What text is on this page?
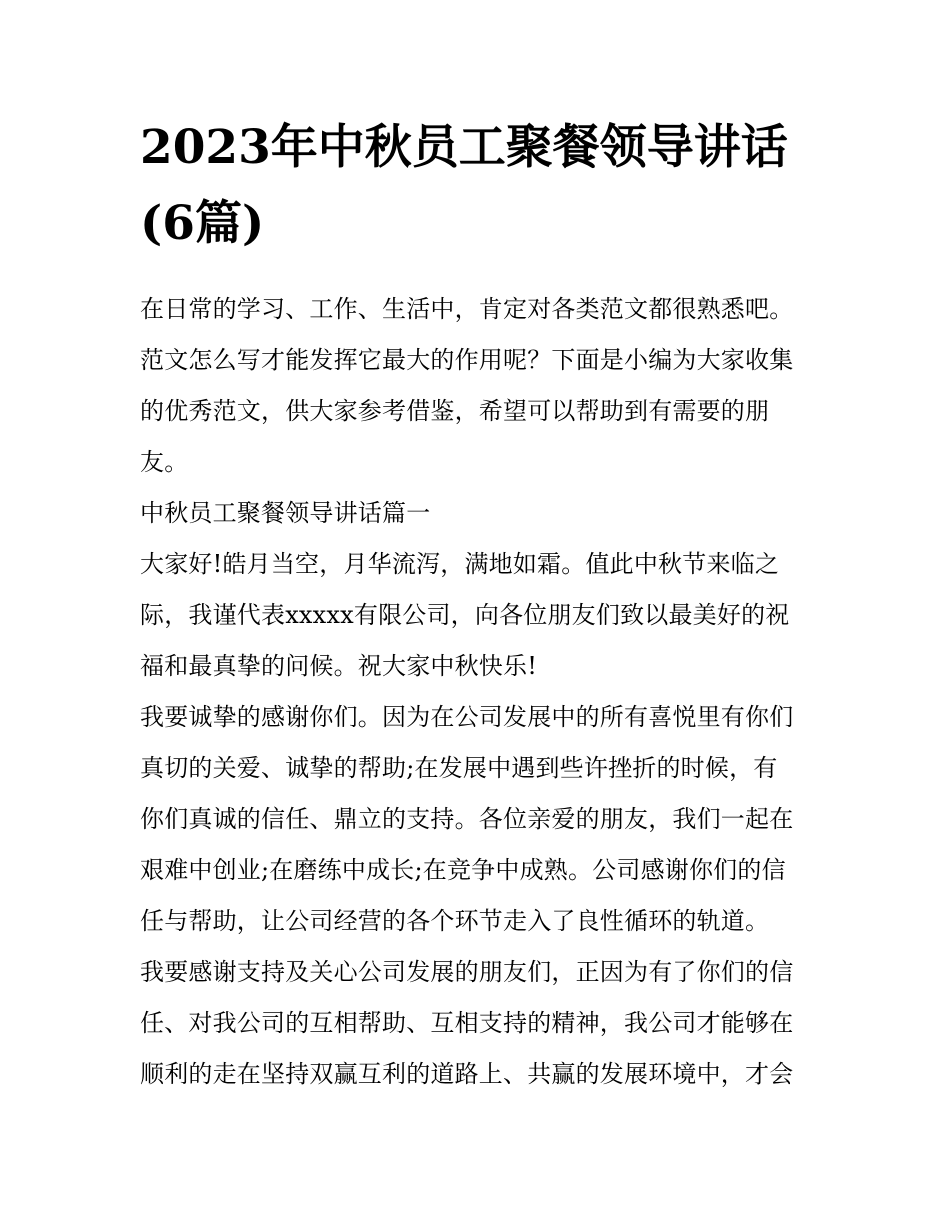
2023年中秋员工聚餐领导讲话
(6篇)

在日常的学习、工作、生活中，肯定对各类范文都很熟悉吧。
范文怎么写才能发挥它最大的作用呢？下面是小编为大家收集
的优秀范文，供大家参考借鉴，希望可以帮助到有需要的朋
友。

中秋员工聚餐领导讲话篇一

大家好!皓月当空，月华流泻，满地如霜。值此中秋节来临之
际，我谨代表xxxxx有限公司，向各位朋友们致以最美好的祝
福和最真挚的问候。祝大家中秋快乐!

我要诚挚的感谢你们。因为在公司发展中的所有喜悦里有你们
真切的关爱、诚挚的帮助;在发展中遇到些许挫折的时候，有
你们真诚的信任、鼎立的支持。各位亲爱的朋友，我们一起在
艰难中创业;在磨练中成长;在竞争中成熟。公司感谢你们的信
任与帮助，让公司经营的各个环节走入了良性循环的轨道。

我要感谢支持及关心公司发展的朋友们，正因为有了你们的信
任、对我公司的互相帮助、互相支持的精神，我公司才能够在
顺利的走在坚持双赢互利的道路上、共赢的发展环境中，才会
